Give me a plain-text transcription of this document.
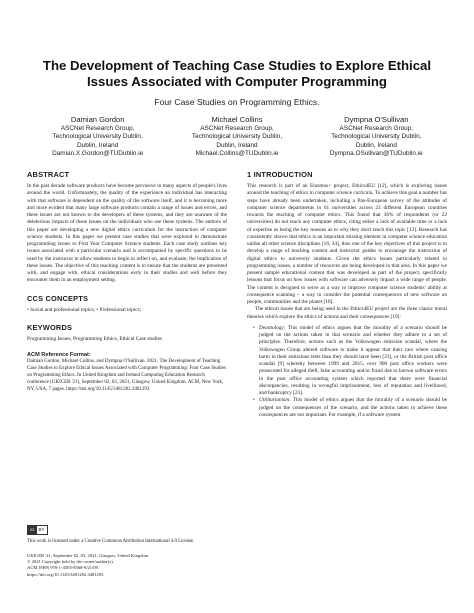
The Development of Teaching Case Studies to Explore Ethical Issues Associated with Computer Programming
Four Case Studies on Programming Ethics.
Damian Gordon
ASCNet Research Group,
Technological University Dublin,
Dublin, Ireland
Damian.X.Gordon@TUDublin.ie
Michael Collins
ASCNet Research Group,
Technological University Dublin,
Dublin, Ireland
Michael.Collins@TUDublin.ie
Dympna O'Sullivan
ASCNet Research Group,
Technological University Dublin,
Dublin, Ireland
Dympna.OSullivan@TUDublin.ie
ABSTRACT

In the past decade software products have become pervasive in many aspects of people's lives around the world. Unfortunately, the quality of the experience an individual has interacting with that software is dependent on the quality of the software itself, and it is becoming more and more evident that many large software products contain a range of issues and errors, and these issues are not known to the developers of these systems, and they are unaware of the deleterious impacts of these issues on the individuals who use these systems. The authors of this paper are developing a new digital ethics curriculum for the instruction of computer science students. In this paper we present case studies that were explored to demonstrate programming issues to First Year Computer Science students. Each case study outlines key issues associated with a particular scenario and is accompanied by specific questions to be used by the instructor to allow students to begin to reflect on, and evaluate, the implication of these issues. The objective of this teaching content is to ensure that the students are presented with, and engage with, ethical considerations early in their studies and well before they encounter them in an employment setting.

CCS CONCEPTS

• Social and professional topics; • Professional topics;

KEYWORDS

Programming Issues, Programming Ethics, Ethical Case studies

ACM Reference Format:

Damian Gordon, Michael Collins, and Dympna O'Sullivan. 2021. The Development of Teaching Case Studies to Explore Ethical Issues Associated with Computer Programming: Four Case Studies on Programming Ethics. In United Kingdom and Ireland Computing Education Research conference (UKICER '21), September 02, 03, 2021, Glasgow, United Kingdom. ACM, New York, NY, USA, 7 pages. https://doi.org/10.1145/3481282.3481293

cc BY

This work is licensed under a Creative Commons Attribution International 4.0 License.

UKICER '21, September 02, 03, 2021, Glasgow, United Kingdom
© 2021 Copyright held by the owner/author(s).
ACM ISBN 978-1-4503-8568-9/21/09.
https://doi.org/10.1145/3481282.3481293

1 INTRODUCTION

This research is part of an Erasmus+ project, Ethics4EU [12], which is exploring issues around the teaching of ethics in computer science curricula. To achieve this goal a number has steps have already been undertaken, including a Pan-European survey of the attitudes of computer science departments in 61 universities across 23 different European countries towards the teaching of computer ethics. This found that 36% of respondents (or 22 universities) do not teach any computer ethics, citing either a lack of available time or a lack of expertise as being the key reasons as to why they don't teach this topic [13]. Research has consistently shown that ethics is an important missing element in computer science education unlike all other science disciplines [16, 34], thus one of the key objectives of this project is to develop a range of teaching content and instructor guides to encourage the instruction of digital ethics to university students. Given the ethics issues particularly related to programming issues, a number of resources are being developed in that area. In this paper we present sample educational content that was developed as part of the project, specifically lessons that focus on how issues with software can adversely impact a wide range of people. The content is designed to serve as a way to improve computer science students' ability at consequence scanning – a way to consider the potential consequences of new software on people, communities and the planet [10].

The ethical issues that are being used in the Ethics4EU project are the three classic moral theories which explore the ethics of actions and their consequences [19]:

• Deontology: This model of ethics argues that the morality of a scenario should be judged on the actions taken in that scenario and whether they adhere to a set of principles. Therefore, actions such as the Volkswagen emission scandal, where the Volkswagen Group altered software to make it appear that their cars where causing harm in their emissions tests than they should have been [23], or the British post office scandal [9] whereby between 1999 and 2015, over 900 post office workers were prosecuted for alleged theft, false accounting and/or fraud due to known software errors in the post office accounting system which reported that there were financial discrepancies, resulting in wrongful imprisonment, loss of reputation and livelihood, and bankruptcy [23].
• Utilitarianism: This model of ethics argues that the morality of a scenario should be judged on the consequences of the scenario, and the actions taken to achieve these consequences are not important. For example, if a software system
